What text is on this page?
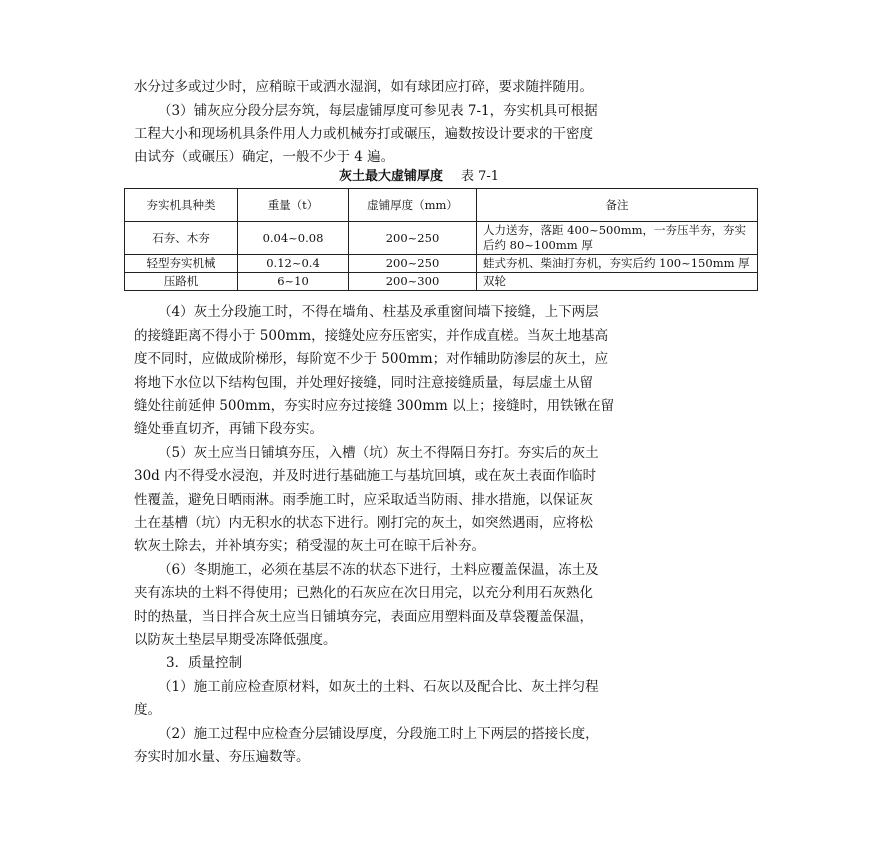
水分过多或过少时，应稍晾干或洒水湿润，如有球团应打碎，要求随拌随用。
（3）铺灰应分段分层夯筑，每层虚铺厚度可参见表 7-1，夯实机具可根据
工程大小和现场机具条件用人力或机械夯打或碾压，遍数按设计要求的干密度
由试夯（或碾压）确定，一般不少于 4 遍。
灰土最大虚铺厚度 表 7-1
夯实机具种类	重量（t）	虚铺厚度（mm）	备注
石夯、木夯	0.04~0.08	200~250	人力送夯，落距 400~500mm，一夯压半夯，夯实后约 80~100mm 厚
轻型夯实机械	0.12~0.4	200~250	蛙式夯机、柴油打夯机，夯实后约 100~150mm 厚
压路机	6~10	200~300	双轮
（4）灰土分段施工时，不得在墙角、柱基及承重窗间墙下接缝，上下两层
的接缝距离不得小于 500mm，接缝处应夯压密实，并作成直槎。当灰土地基高
度不同时，应做成阶梯形，每阶宽不少于 500mm；对作辅助防渗层的灰土，应
将地下水位以下结构包围，并处理好接缝，同时注意接缝质量，每层虚土从留
缝处往前延伸 500mm，夯实时应夯过接缝 300mm 以上；接缝时，用铁锹在留
缝处垂直切齐，再铺下段夯实。
（5）灰土应当日铺填夯压，入槽（坑）灰土不得隔日夯打。夯实后的灰土
30d 内不得受水浸泡，并及时进行基础施工与基坑回填，或在灰土表面作临时
性覆盖，避免日晒雨淋。雨季施工时，应采取适当防雨、排水措施，以保证灰
土在基槽（坑）内无积水的状态下进行。刚打完的灰土，如突然遇雨，应将松
软灰土除去，并补填夯实；稍受湿的灰土可在晾干后补夯。
（6）冬期施工，必须在基层不冻的状态下进行，土料应覆盖保温，冻土及
夹有冻块的土料不得使用；已熟化的石灰应在次日用完，以充分利用石灰熟化
时的热量，当日拌合灰土应当日铺填夯完，表面应用塑料面及草袋覆盖保温，
以防灰土垫层早期受冻降低强度。
3．质量控制
（1）施工前应检查原材料，如灰土的土料、石灰以及配合比、灰土拌匀程
度。
（2）施工过程中应检查分层铺设厚度，分段施工时上下两层的搭接长度，
夯实时加水量、夯压遍数等。
